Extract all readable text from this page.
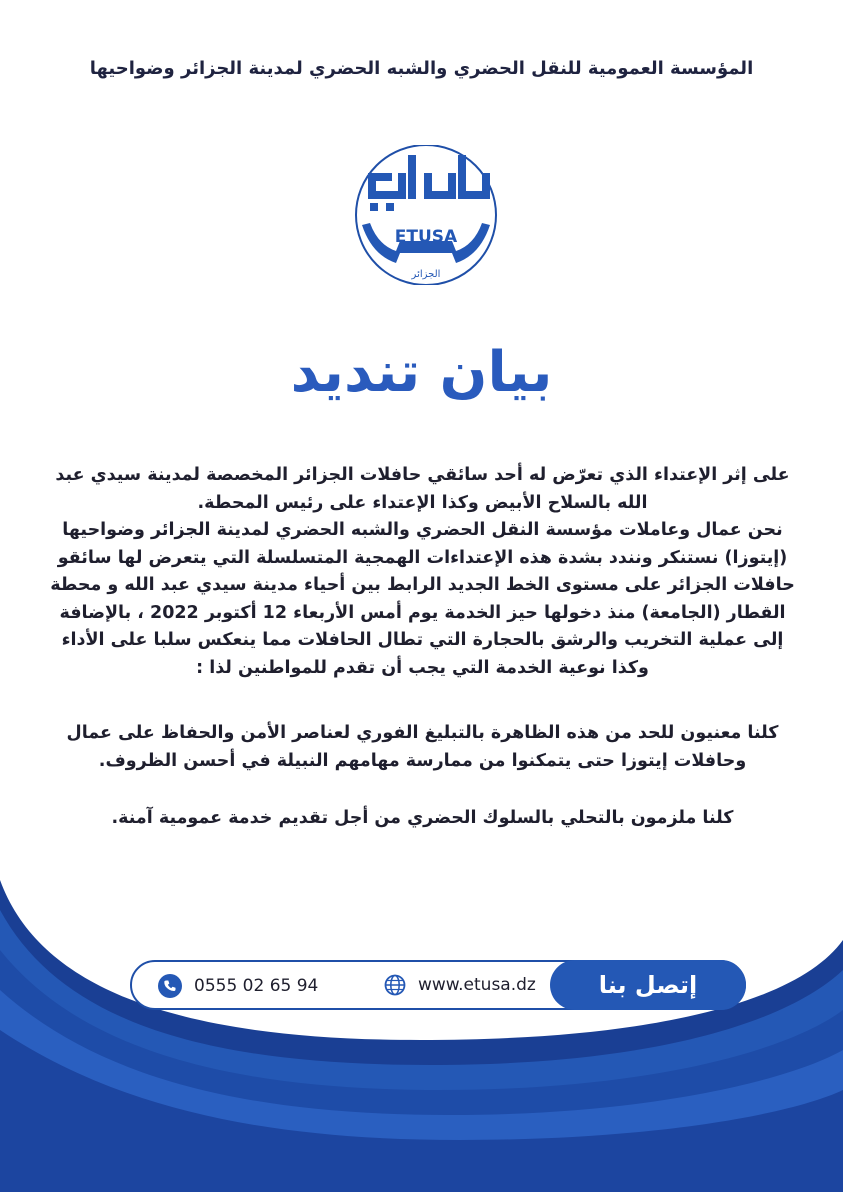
المؤسسة العمومية للنقل الحضري والشبه الحضري لمدينة الجزائر وضواحيها
ETUSA
الجزائر
بيان تنديد

على إثر الإعتداء الذي تعرّض له أحد سائقي حافلات الجزائر المخصصة لمدينة سيدي عبد الله بالسلاح الأبيض وكذا الإعتداء على رئيس المحطة.

نحن عمال وعاملات مؤسسة النقل الحضري والشبه الحضري لمدينة الجزائر وضواحيها (إيتوزا) نستنكر ونندد بشدة هذه الإعتداءات الهمجية المتسلسلة التي يتعرض لها سائقو حافلات الجزائر على مستوى الخط الجديد الرابط بين أحياء مدينة سيدي عبد الله و محطة القطار (الجامعة) منذ دخولها حيز الخدمة يوم أمس الأربعاء 12 أكتوبر 2022 ، بالإضافة إلى عملية التخريب والرشق بالحجارة التي تطال الحافلات مما ينعكس سلبا على الأداء وكذا نوعية الخدمة التي يجب أن تقدم للمواطنين لذا :

كلنا معنيون للحد من هذه الظاهرة بالتبليغ الفوري لعناصر الأمن والحفاظ على عمال وحافلات إيتوزا حتى يتمكنوا من ممارسة مهامهم النبيلة في أحسن الظروف.

كلنا ملزمون بالتحلي بالسلوك الحضري من أجل تقديم خدمة عمومية آمنة.

إتصل بنا
www.etusa.dz
0555 02 65 94
